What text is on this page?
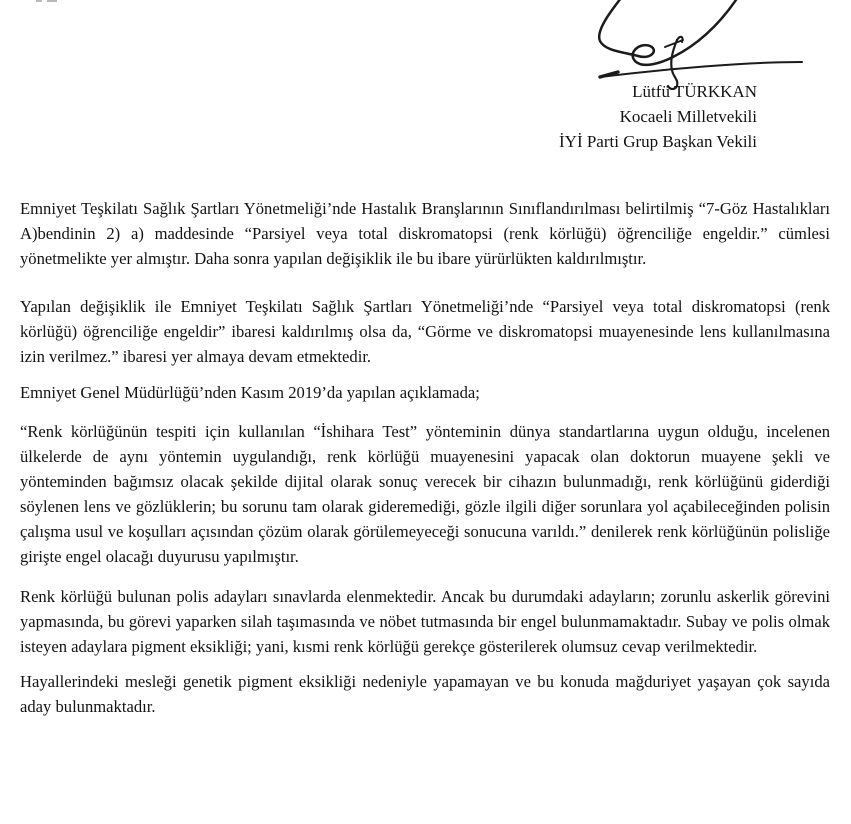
Lütfü TÜRKKAN
Kocaeli Milletvekili
İYİ Parti Grup Başkan Vekili

Emniyet Teşkilatı Sağlık Şartları Yönetmeliği’nde Hastalık Branşlarının Sınıflandırılması belirtilmiş “7-Göz Hastalıkları A)bendinin 2) a) maddesinde “Parsiyel veya total diskromatopsi (renk körlüğü) öğrenciliğe engeldir.” cümlesi yönetmelikte yer almıştır. Daha sonra yapılan değişiklik ile bu ibare yürürlükten kaldırılmıştır.

Yapılan değişiklik ile Emniyet Teşkilatı Sağlık Şartları Yönetmeliği’nde “Parsiyel veya total diskromatopsi (renk körlüğü) öğrenciliğe engeldir” ibaresi kaldırılmış olsa da, “Görme ve diskromatopsi muayenesinde lens kullanılmasına izin verilmez.” ibaresi yer almaya devam etmektedir.

Emniyet Genel Müdürlüğü’nden Kasım 2019’da yapılan açıklamada;

“Renk körlüğünün tespiti için kullanılan “İshihara Test” yönteminin dünya standartlarına uygun olduğu, incelenen ülkelerde de aynı yöntemin uygulandığı, renk körlüğü muayenesini yapacak olan doktorun muayene şekli ve yönteminden bağımsız olacak şekilde dijital olarak sonuç verecek bir cihazın bulunmadığı, renk körlüğünü giderdiği söylenen lens ve gözlüklerin; bu sorunu tam olarak gideremediği, gözle ilgili diğer sorunlara yol açabileceğinden polisin çalışma usul ve koşulları açısından çözüm olarak görülemeyeceği sonucuna varıldı.” denilerek renk körlüğünün polisliğe girişte engel olacağı duyurusu yapılmıştır.

Renk körlüğü bulunan polis adayları sınavlarda elenmektedir. Ancak bu durumdaki adayların; zorunlu askerlik görevini yapmasında, bu görevi yaparken silah taşımasında ve nöbet tutmasında bir engel bulunmamaktadır. Subay ve polis olmak isteyen adaylara pigment eksikliği; yani, kısmi renk körlüğü gerekçe gösterilerek olumsuz cevap verilmektedir.

Hayallerindeki mesleği genetik pigment eksikliği nedeniyle yapamayan ve bu konuda mağduriyet yaşayan çok sayıda aday bulunmaktadır.
